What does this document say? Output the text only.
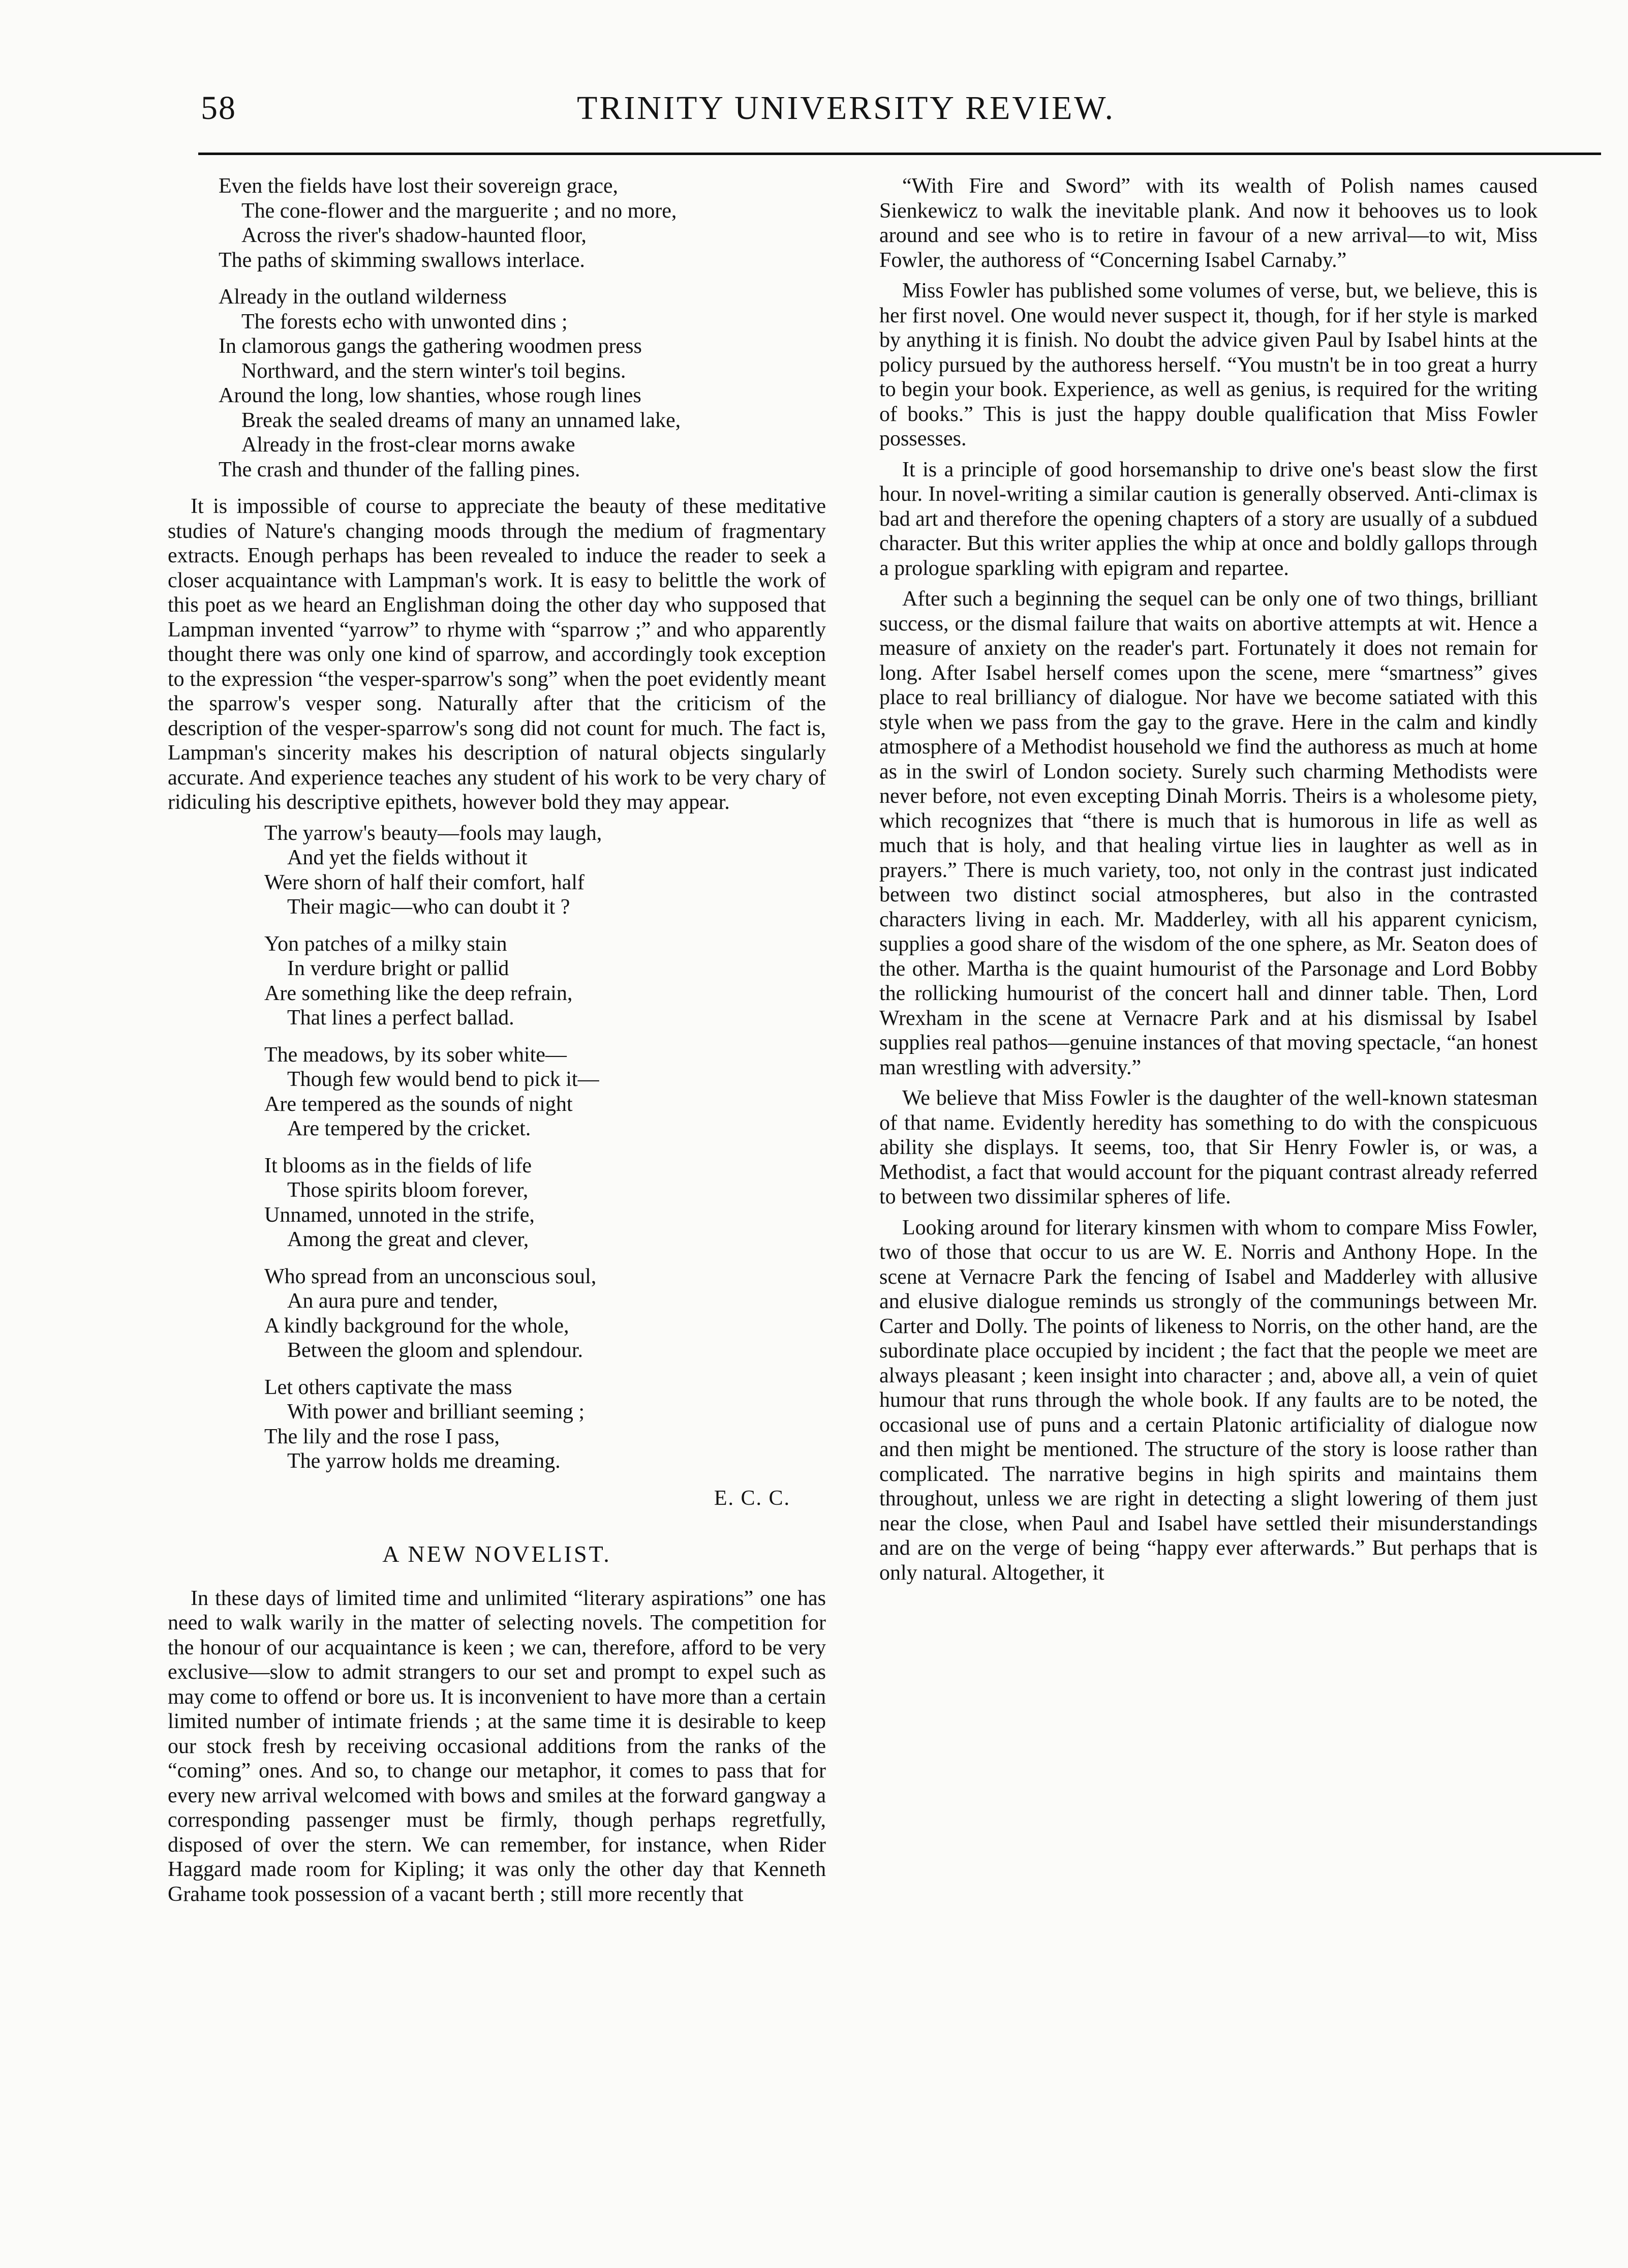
58	TRINITY UNIVERSITY REVIEW.
Even the fields have lost their sovereign grace,
The cone-flower and the marguerite ; and no more,
Across the river's shadow-haunted floor,
The paths of skimming swallows interlace.
Already in the outland wilderness
The forests echo with unwonted dins ;
In clamorous gangs the gathering woodmen press
Northward, and the stern winter's toil begins.
Around the long, low shanties, whose rough lines
Break the sealed dreams of many an unnamed lake,
Already in the frost-clear morns awake
The crash and thunder of the falling pines.

It is impossible of course to appreciate the beauty of these meditative studies of Nature's changing moods through the medium of fragmentary extracts. Enough perhaps has been revealed to induce the reader to seek a closer acquaintance with Lampman's work. It is easy to belittle the work of this poet as we heard an Englishman doing the other day who supposed that Lampman invented “yarrow” to rhyme with “sparrow ;” and who apparently thought there was only one kind of sparrow, and accordingly took exception to the expression “the vesper-sparrow's song” when the poet evidently meant the sparrow's vesper song. Naturally after that the criticism of the description of the vesper-sparrow's song did not count for much. The fact is, Lampman's sincerity makes his description of natural objects singularly accurate. And experience teaches any student of his work to be very chary of ridiculing his descriptive epithets, however bold they may appear.

The yarrow's beauty—fools may laugh,
And yet the fields without it
Were shorn of half their comfort, half
Their magic—who can doubt it ?
Yon patches of a milky stain
In verdure bright or pallid
Are something like the deep refrain,
That lines a perfect ballad.
The meadows, by its sober white—
Though few would bend to pick it—
Are tempered as the sounds of night
Are tempered by the cricket.
It blooms as in the fields of life
Those spirits bloom forever,
Unnamed, unnoted in the strife,
Among the great and clever,
Who spread from an unconscious soul,
An aura pure and tender,
A kindly background for the whole,
Between the gloom and splendour.
Let others captivate the mass
With power and brilliant seeming ;
The lily and the rose I pass,
The yarrow holds me dreaming.
E. C. C.
A NEW NOVELIST.

In these days of limited time and unlimited “literary aspirations” one has need to walk warily in the matter of selecting novels. The competition for the honour of our acquaintance is keen ; we can, therefore, afford to be very exclusive—slow to admit strangers to our set and prompt to expel such as may come to offend or bore us. It is inconvenient to have more than a certain limited number of intimate friends ; at the same time it is desirable to keep our stock fresh by receiving occasional additions from the ranks of the “coming” ones. And so, to change our metaphor, it comes to pass that for every new arrival welcomed with bows and smiles at the forward gangway a corresponding passenger must be firmly, though perhaps regretfully, disposed of over the stern. We can remember, for instance, when Rider Haggard made room for Kipling; it was only the other day that Kenneth Grahame took possession of a vacant berth ; still more recently that

“With Fire and Sword” with its wealth of Polish names caused Sienkewicz to walk the inevitable plank. And now it behooves us to look around and see who is to retire in favour of a new arrival—to wit, Miss Fowler, the authoress of “Concerning Isabel Carnaby.”

Miss Fowler has published some volumes of verse, but, we believe, this is her first novel. One would never suspect it, though, for if her style is marked by anything it is finish. No doubt the advice given Paul by Isabel hints at the policy pursued by the authoress herself. “You mustn't be in too great a hurry to begin your book. Experience, as well as genius, is required for the writing of books.” This is just the happy double qualification that Miss Fowler possesses.

It is a principle of good horsemanship to drive one's beast slow the first hour. In novel-writing a similar caution is generally observed. Anti-climax is bad art and therefore the opening chapters of a story are usually of a subdued character. But this writer applies the whip at once and boldly gallops through a prologue sparkling with epigram and repartee.

After such a beginning the sequel can be only one of two things, brilliant success, or the dismal failure that waits on abortive attempts at wit. Hence a measure of anxiety on the reader's part. Fortunately it does not remain for long. After Isabel herself comes upon the scene, mere “smartness” gives place to real brilliancy of dialogue. Nor have we become satiated with this style when we pass from the gay to the grave. Here in the calm and kindly atmosphere of a Methodist household we find the authoress as much at home as in the swirl of London society. Surely such charming Methodists were never before, not even excepting Dinah Morris. Theirs is a wholesome piety, which recognizes that “there is much that is humorous in life as well as much that is holy, and that healing virtue lies in laughter as well as in prayers.” There is much variety, too, not only in the contrast just indicated between two distinct social atmospheres, but also in the contrasted characters living in each. Mr. Madderley, with all his apparent cynicism, supplies a good share of the wisdom of the one sphere, as Mr. Seaton does of the other. Martha is the quaint humourist of the Parsonage and Lord Bobby the rollicking humourist of the concert hall and dinner table. Then, Lord Wrexham in the scene at Vernacre Park and at his dismissal by Isabel supplies real pathos—genuine instances of that moving spectacle, “an honest man wrestling with adversity.”

We believe that Miss Fowler is the daughter of the well-known statesman of that name. Evidently heredity has something to do with the conspicuous ability she displays. It seems, too, that Sir Henry Fowler is, or was, a Methodist, a fact that would account for the piquant contrast already referred to between two dissimilar spheres of life.

Looking around for literary kinsmen with whom to compare Miss Fowler, two of those that occur to us are W. E. Norris and Anthony Hope. In the scene at Vernacre Park the fencing of Isabel and Madderley with allusive and elusive dialogue reminds us strongly of the communings between Mr. Carter and Dolly. The points of likeness to Norris, on the other hand, are the subordinate place occupied by incident ; the fact that the people we meet are always pleasant ; keen insight into character ; and, above all, a vein of quiet humour that runs through the whole book. If any faults are to be noted, the occasional use of puns and a certain Platonic artificiality of dialogue now and then might be mentioned. The structure of the story is loose rather than complicated. The narrative begins in high spirits and maintains them throughout, unless we are right in detecting a slight lowering of them just near the close, when Paul and Isabel have settled their misunderstandings and are on the verge of being “happy ever afterwards.” But perhaps that is only natural. Altogether, it
